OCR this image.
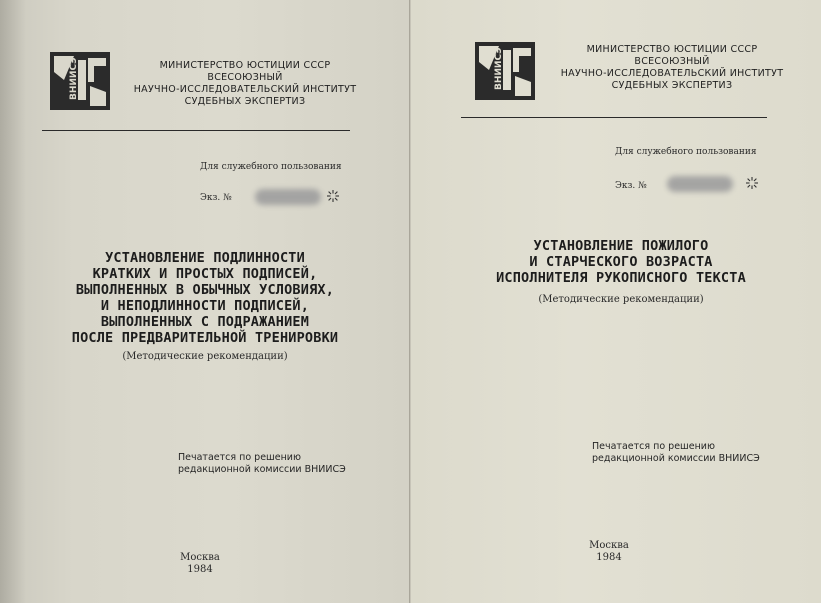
ВНИИСЭ	МИНИСТЕРСТВО ЮСТИЦИИ СССР
ВСЕСОЮЗНЫЙ
НАУЧНО-ИССЛЕДОВАТЕЛЬСКИЙ ИНСТИТУТ
СУДЕБНЫХ ЭКСПЕРТИЗ
Для служебного пользования
Экз. №
УСТАНОВЛЕНИЕ ПОДЛИННОСТИ
КРАТКИХ И ПРОСТЫХ ПОДПИСЕЙ,
ВЫПОЛНЕННЫХ В ОБЫЧНЫХ УСЛОВИЯХ,
И НЕПОДЛИННОСТИ ПОДПИСЕЙ,
ВЫПОЛНЕННЫХ С ПОДРАЖАНИЕМ
ПОСЛЕ ПРЕДВАРИТЕЛЬНОЙ ТРЕНИРОВКИ
(Методические рекомендации)
Печатается по решению
редакционной комиссии ВНИИСЭ
Москва
1984
ВНИИСЭ	МИНИСТЕРСТВО ЮСТИЦИИ СССР
ВСЕСОЮЗНЫЙ
НАУЧНО-ИССЛЕДОВАТЕЛЬСКИЙ ИНСТИТУТ
СУДЕБНЫХ ЭКСПЕРТИЗ
Для служебного пользования
Экз. №
УСТАНОВЛЕНИЕ ПОЖИЛОГО
И СТАРЧЕСКОГО ВОЗРАСТА
ИСПОЛНИТЕЛЯ РУКОПИСНОГО ТЕКСТА
(Методические рекомендации)
Печатается по решению
редакционной комиссии ВНИИСЭ
Москва
1984
